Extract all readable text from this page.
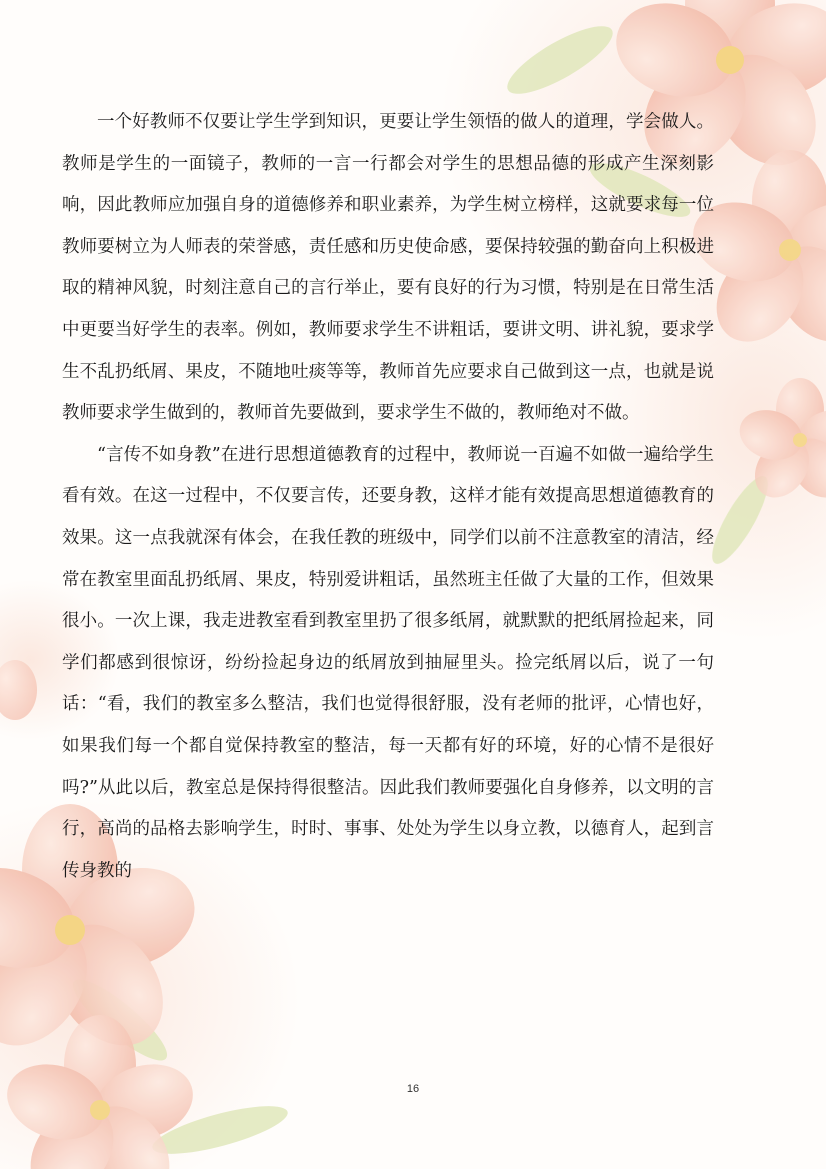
一个好教师不仅要让学生学到知识，更要让学生领悟的做人的道理，学会做人。教师是学生的一面镜子，教师的一言一行都会对学生的思想品德的形成产生深刻影响，因此教师应加强自身的道德修养和职业素养，为学生树立榜样，这就要求每一位教师要树立为人师表的荣誉感，责任感和历史使命感，要保持较强的勤奋向上积极进取的精神风貌，时刻注意自己的言行举止，要有良好的行为习惯，特别是在日常生活中更要当好学生的表率。例如，教师要求学生不讲粗话，要讲文明、讲礼貌，要求学生不乱扔纸屑、果皮，不随地吐痰等等，教师首先应要求自己做到这一点，也就是说教师要求学生做到的，教师首先要做到，要求学生不做的，教师绝对不做。

“言传不如身教”在进行思想道德教育的过程中，教师说一百遍不如做一遍给学生看有效。在这一过程中，不仅要言传，还要身教，这样才能有效提高思想道德教育的效果。这一点我就深有体会，在我任教的班级中，同学们以前不注意教室的清洁，经常在教室里面乱扔纸屑、果皮，特别爱讲粗话，虽然班主任做了大量的工作，但效果很小。一次上课，我走进教室看到教室里扔了很多纸屑，就默默的把纸屑捡起来，同学们都感到很惊讶，纷纷捡起身边的纸屑放到抽屉里头。捡完纸屑以后，说了一句话：“看，我们的教室多么整洁，我们也觉得很舒服，没有老师的批评，心情也好，如果我们每一个都自觉保持教室的整洁，每一天都有好的环境，好的心情不是很好吗?”从此以后，教室总是保持得很整洁。因此我们教师要强化自身修养，以文明的言行，高尚的品格去影响学生，时时、事事、处处为学生以身立教，以德育人，起到言传身教的

16
